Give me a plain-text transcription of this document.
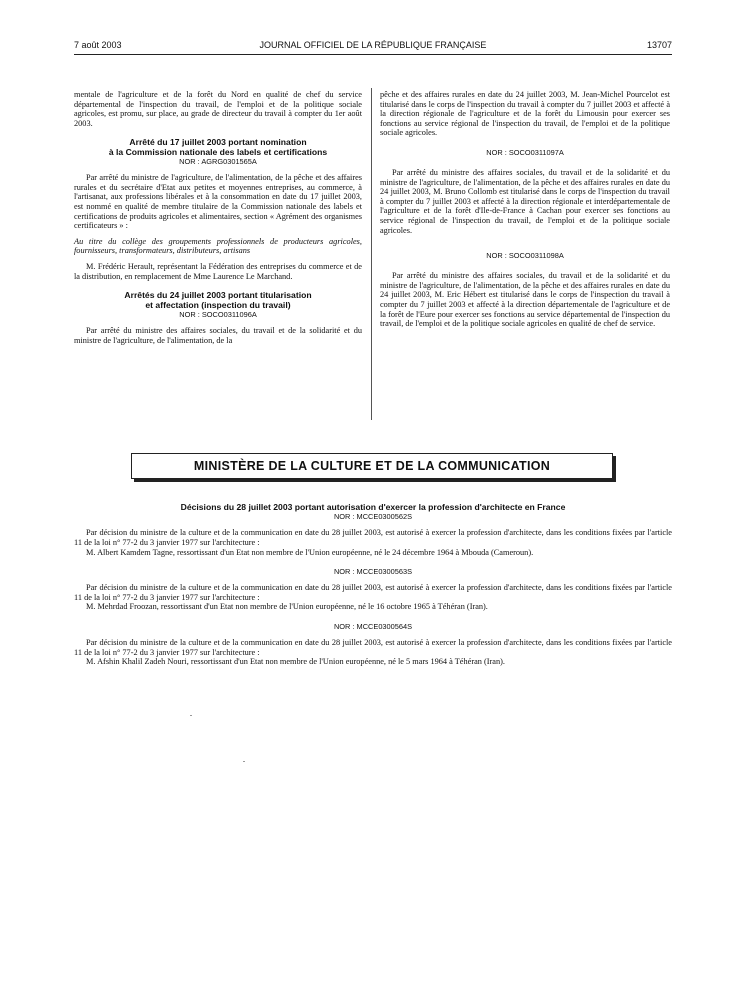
7 août 2003	JOURNAL OFFICIEL DE LA RÉPUBLIQUE FRANÇAISE	13707

mentale de l'agriculture et de la forêt du Nord en qualité de chef du service départemental de l'inspection du travail, de l'emploi et de la politique sociale agricoles, est promu, sur place, au grade de directeur du travail à compter du 1er août 2003.

Arrêté du 17 juillet 2003 portant nomination

à la Commission nationale des labels et certifications

NOR : AGRG0301565A

Par arrêté du ministre de l'agriculture, de l'alimentation, de la pêche et des affaires rurales et du secrétaire d'Etat aux petites et moyennes entreprises, au commerce, à l'artisanat, aux professions libérales et à la consommation en date du 17 juillet 2003, est nommé en qualité de membre titulaire de la Commission nationale des labels et certifications de produits agricoles et alimentaires, section « Agrément des organismes certificateurs » :

Au titre du collège des groupements professionnels de producteurs agricoles, fournisseurs, transformateurs, distributeurs, artisans

M. Frédéric Herault, représentant la Fédération des entreprises du commerce et de la distribution, en remplacement de Mme Laurence Le Marchand.

Arrêtés du 24 juillet 2003 portant titularisation

et affectation (inspection du travail)

NOR : SOCO0311096A

Par arrêté du ministre des affaires sociales, du travail et de la solidarité et du ministre de l'agriculture, de l'alimentation, de la

pêche et des affaires rurales en date du 24 juillet 2003, M. Jean-Michel Pourcelot est titularisé dans le corps de l'inspection du travail à compter du 7 juillet 2003 et affecté à la direction régionale de l'agriculture et de la forêt du Limousin pour exercer ses fonctions au service régional de l'inspection du travail, de l'emploi et de la politique sociale agricoles.

NOR : SOCO0311097A

Par arrêté du ministre des affaires sociales, du travail et de la solidarité et du ministre de l'agriculture, de l'alimentation, de la pêche et des affaires rurales en date du 24 juillet 2003, M. Bruno Collomb est titularisé dans le corps de l'inspection du travail à compter du 7 juillet 2003 et affecté à la direction régionale et interdépartementale de l'agriculture et de la forêt d'Ile-de-France à Cachan pour exercer ses fonctions au service régional de l'inspection du travail, de l'emploi et de la politique sociale agricoles.

NOR : SOCO0311098A

Par arrêté du ministre des affaires sociales, du travail et de la solidarité et du ministre de l'agriculture, de l'alimentation, de la pêche et des affaires rurales en date du 24 juillet 2003, M. Eric Hébert est titularisé dans le corps de l'inspection du travail à compter du 7 juillet 2003 et affecté à la direction départementale de l'agriculture et de la forêt de l'Eure pour exercer ses fonctions au service départemental de l'inspection du travail, de l'emploi et de la politique sociale agricoles en qualité de chef de service.

MINISTÈRE DE LA CULTURE ET DE LA COMMUNICATION

Décisions du 28 juillet 2003 portant autorisation d'exercer la profession d'architecte en France

NOR : MCCE0300562S

Par décision du ministre de la culture et de la communication en date du 28 juillet 2003, est autorisé à exercer la profession d'architecte, dans les conditions fixées par l'article 11 de la loi n° 77-2 du 3 janvier 1977 sur l'architecture :

M. Albert Kamdem Tagne, ressortissant d'un Etat non membre de l'Union européenne, né le 24 décembre 1964 à Mbouda (Cameroun).

NOR : MCCE0300563S

Par décision du ministre de la culture et de la communication en date du 28 juillet 2003, est autorisé à exercer la profession d'architecte, dans les conditions fixées par l'article 11 de la loi n° 77-2 du 3 janvier 1977 sur l'architecture :

M. Mehrdad Froozan, ressortissant d'un Etat non membre de l'Union européenne, né le 16 octobre 1965 à Téhéran (Iran).

NOR : MCCE0300564S

Par décision du ministre de la culture et de la communication en date du 28 juillet 2003, est autorisé à exercer la profession d'architecte, dans les conditions fixées par l'article 11 de la loi n° 77-2 du 3 janvier 1977 sur l'architecture :

M. Afshin Khalil Zadeh Nouri, ressortissant d'un Etat non membre de l'Union européenne, né le 5 mars 1964 à Téhéran (Iran).
